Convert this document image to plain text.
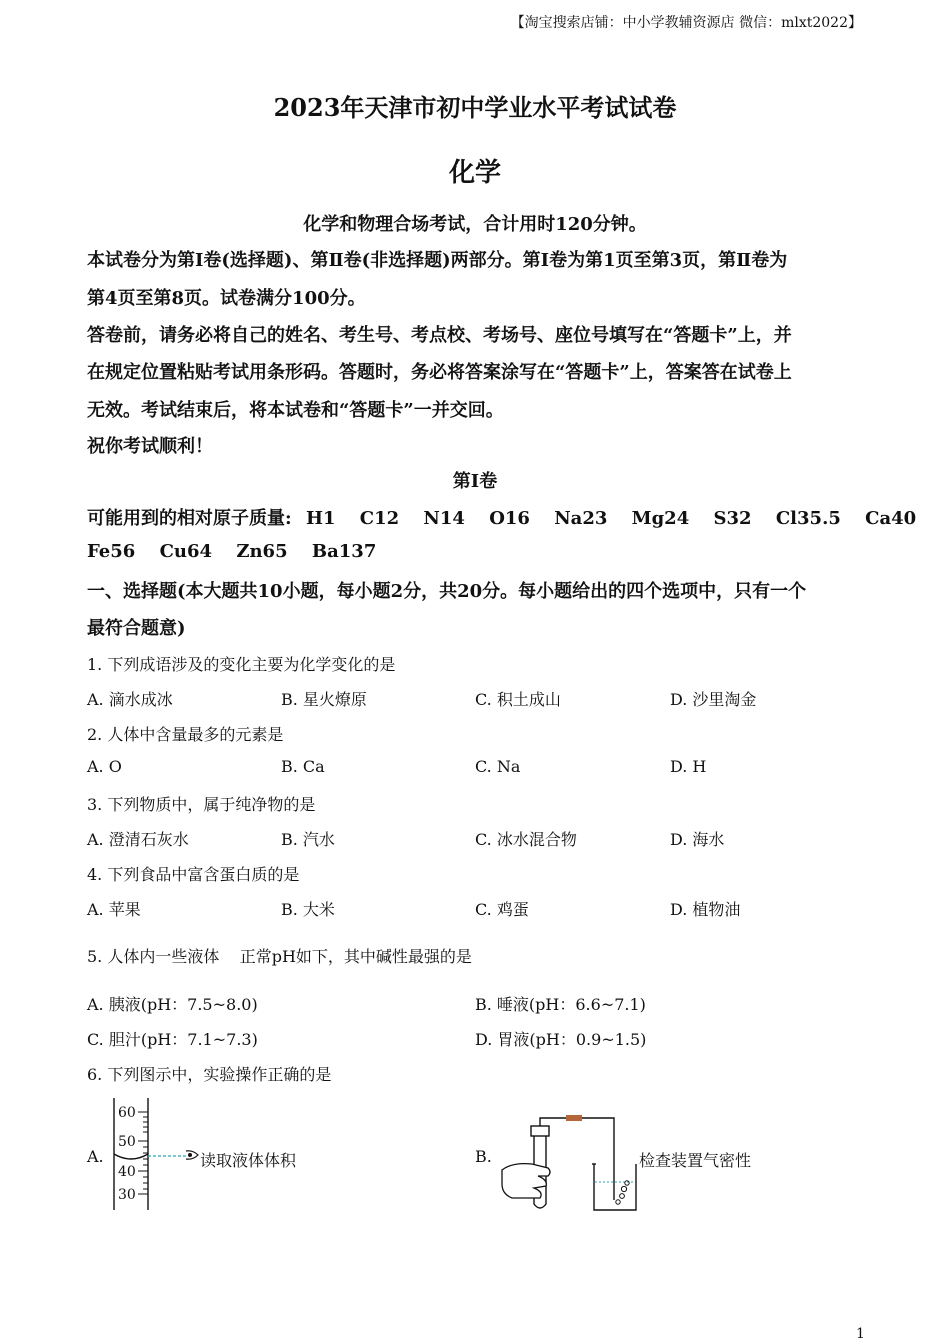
【淘宝搜索店铺：中小学教辅资源店 微信：mlxt2022】
2023年天津市初中学业水平考试试卷
化学
化学和物理合场考试，合计用时120分钟。
本试卷分为第Ⅰ卷(选择题)、第Ⅱ卷(非选择题)两部分。第Ⅰ卷为第1页至第3页，第Ⅱ卷为
第4页至第8页。试卷满分100分。
答卷前，请务必将自己的姓名、考生号、考点校、考场号、座位号填写在“答题卡”上，并
在规定位置粘贴考试用条形码。答题时，务必将答案涂写在“答题卡”上，答案答在试卷上
无效。考试结束后，将本试卷和“答题卡”一并交回。
祝你考试顺利！
第Ⅰ卷
可能用到的相对原子质量: H1 C12 N14 O16 Na23 Mg24 S32 Cl35.5 Ca40
Fe56 Cu64 Zn65 Ba137
一、选择题(本大题共10小题，每小题2分，共20分。每小题给出的四个选项中，只有一个
最符合题意)
1. 下列成语涉及的变化主要为化学变化的是
A. 滴水成冰	B. 星火燎原	C. 积土成山	D. 沙里淘金
2. 人体中含量最多的元素是
A. O	B. Ca	C. Na	D. H
3. 下列物质中，属于纯净物的是
A. 澄清石灰水	B. 汽水	C. 冰水混合物	D. 海水
4. 下列食品中富含蛋白质的是
A. 苹果	B. 大米	C. 鸡蛋	D. 植物油
5. 人体内一些液体    正常pH如下，其中碱性最强的是
A. 胰液(pH：7.5~8.0)	B. 唾液(pH：6.6~7.1)
C. 胆汁(pH：7.1~7.3)	D. 胃液(pH：0.9~1.5)
6. 下列图示中，实验操作正确的是
A.
60
50
40
30
读取液体体积	B.	检查装置气密性
1
